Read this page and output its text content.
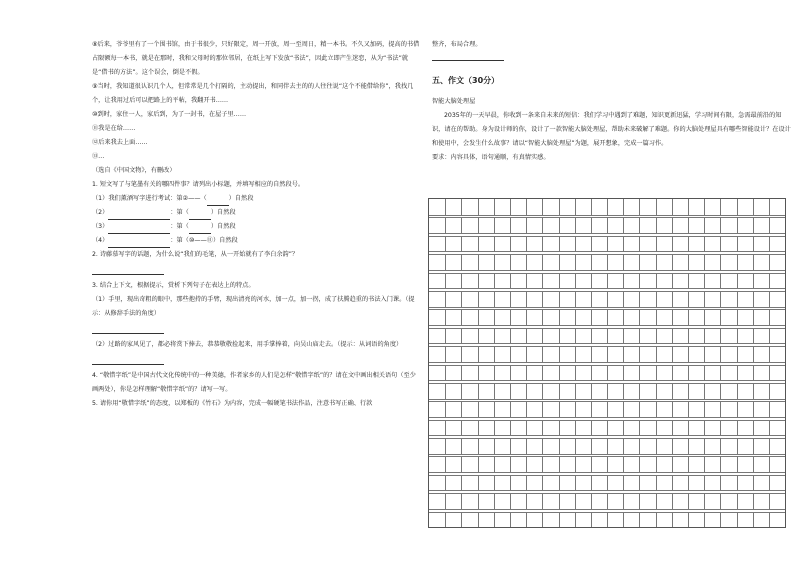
⑧后来，爷爷里有了一个围书馆，由于书很少，只好限定，周一开放，周一至周日，精一本书。不久又加码，提高的书借占限额每一本书，就是在那时，我和父母时的那位邻居，在纸上写下发放“书法”，因此立即产生迷恋，从为“书法”就是“借书的方法”。这个误会，倒是不假。

⑨当时，我知道很认识几个人，但常常是几个打隔的，主动提出，和同伴去主的的人往往说“这个不能借给你”，我找几个，让我用过后可以把路上的平帖，我翻开书……

⑩到时，家住一人，家后到，为了一封书，在屋子里……

⑪我是在给……

⑫后来我去上面……

⑬…

（选自《中国文物》，有删改）

1. 短文写了与笔墨有关的哪四件事？请列出小标题，并填写相应的自然段号。

（1）我们薰酒写字进行考试：第②——（	）自然段
（2）	：第（	）自然段
（3）	：第（	）自然段
（4）	：第（⑩——⑪）自然段

2. 诗藤慕写字的话题，为什么说“我们的毛笔，从一开始就有了李白余韵”？

3. 结合上下文，根据提示，赏析下列句子在表达上的特点。

（1）手里，现出奇粗的眼中，那些抱持的手臂，现出清亮的河水，加一点，加一拐，成了扶腾趋重的书法入门课。（提示：从修辞手法的角度）

（2）过路的家风见了，都必将赏下捧去，恭恭敬敬捡起来，用手掌捧着，向吴山庙走去。（提示：从词语的角度）

4. “敬惜字纸”是中国古代文化传统中的一种美德，作者家乡的人们是怎样“敬惜字纸”的？请在文中画出相关语句（至少画两处），你是怎样理解“敬惜字纸”的？请写一写。

5. 请你用“敬惜字纸”的态度，以郑板的《竹石》为内容，完成一幅硬笔书法作品，注意书写正确、行款

整齐，布局合理。

五、作文（30分）

智能大脑处理屋

2035年的一天早晨，你收到一条来自未来的短信：我们学习中遇到了难题，知识更新迅猛，学习时间有限，急需最前沿的知识，请在的帮助。身为设计师的你，设计了一款智能大脑处理屋，帮助未来破解了难题。你的大脑处理屋具有哪些智能设计？在设计和使用中，会发生什么故事？请以“智能大脑处理屋”为题，展开想象，完成一篇习作。

要求：内容具体，语句通顺，有真情实感。
